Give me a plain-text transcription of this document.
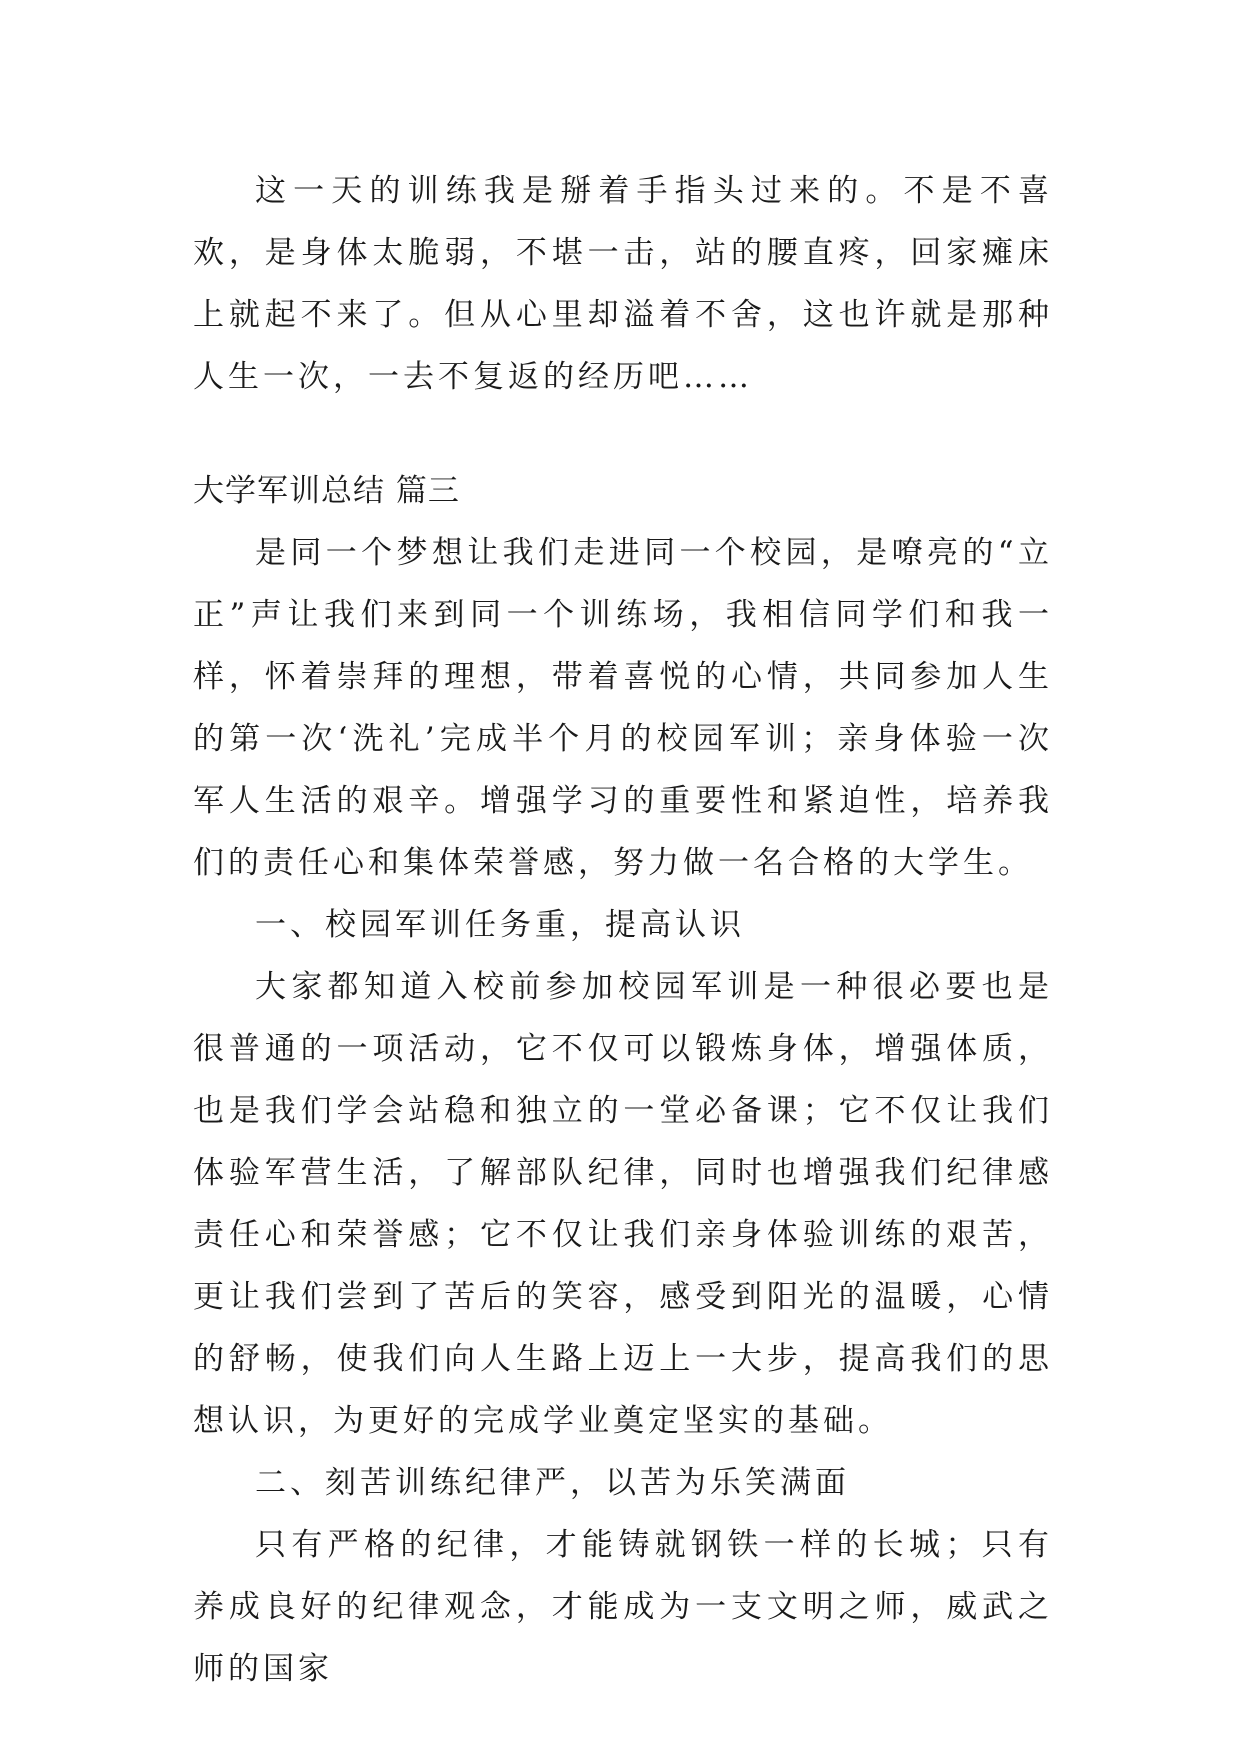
这一天的训练我是掰着手指头过来的。不是不喜欢，是身体太脆弱，不堪一击，站的腰直疼，回家瘫床上就起不来了。但从心里却溢着不舍，这也许就是那种人生一次，一去不复返的经历吧……

大学军训总结 篇三

是同一个梦想让我们走进同一个校园，是嘹亮的“立正”声让我们来到同一个训练场，我相信同学们和我一样，怀着崇拜的理想，带着喜悦的心情，共同参加人生的第一次‘洗礼’完成半个月的校园军训；亲身体验一次军人生活的艰辛。增强学习的重要性和紧迫性，培养我们的责任心和集体荣誉感，努力做一名合格的大学生。

一、校园军训任务重，提高认识

大家都知道入校前参加校园军训是一种很必要也是很普通的一项活动，它不仅可以锻炼身体，增强体质，也是我们学会站稳和独立的一堂必备课；它不仅让我们体验军营生活，了解部队纪律，同时也增强我们纪律感责任心和荣誉感；它不仅让我们亲身体验训练的艰苦，更让我们尝到了苦后的笑容，感受到阳光的温暖，心情的舒畅，使我们向人生路上迈上一大步，提高我们的思想认识，为更好的完成学业奠定坚实的基础。

二、刻苦训练纪律严，以苦为乐笑满面

只有严格的纪律，才能铸就钢铁一样的长城；只有养成良好的纪律观念，才能成为一支文明之师，威武之师的国家
